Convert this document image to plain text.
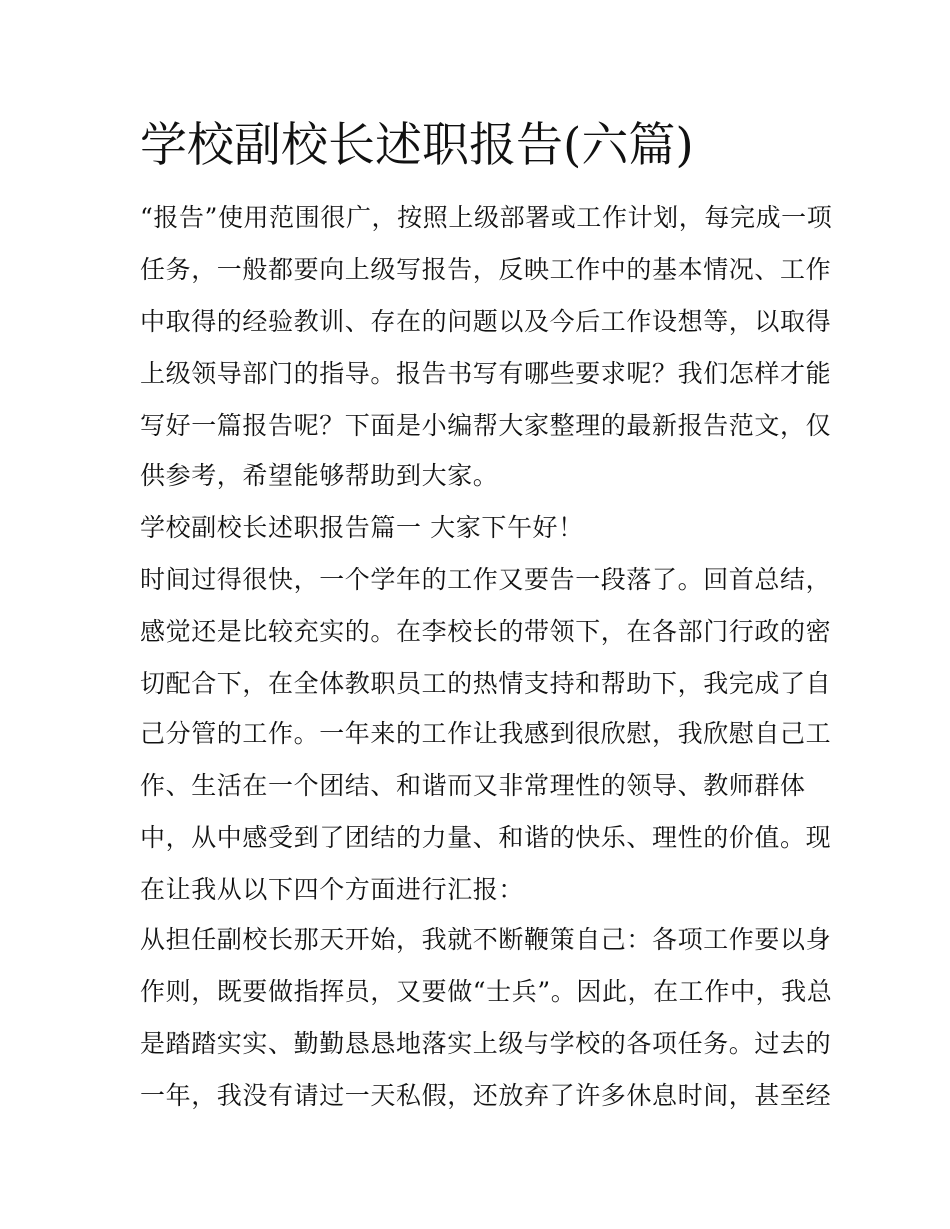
学校副校长述职报告(六篇)

“报告”使用范围很广，按照上级部署或工作计划，每完成一项

任务，一般都要向上级写报告，反映工作中的基本情况、工作

中取得的经验教训、存在的问题以及今后工作设想等，以取得

上级领导部门的指导。报告书写有哪些要求呢？我们怎样才能

写好一篇报告呢？下面是小编帮大家整理的最新报告范文，仅

供参考，希望能够帮助到大家。

学校副校长述职报告篇一 大家下午好！

时间过得很快，一个学年的工作又要告一段落了。回首总结，

感觉还是比较充实的。在李校长的带领下，在各部门行政的密

切配合下，在全体教职员工的热情支持和帮助下，我完成了自

己分管的工作。一年来的工作让我感到很欣慰，我欣慰自己工

作、生活在一个团结、和谐而又非常理性的领导、教师群体

中，从中感受到了团结的力量、和谐的快乐、理性的价值。现

在让我从以下四个方面进行汇报：

从担任副校长那天开始，我就不断鞭策自己：各项工作要以身

作则，既要做指挥员，又要做“士兵”。因此，在工作中，我总

是踏踏实实、勤勤恳恳地落实上级与学校的各项任务。过去的

一年，我没有请过一天私假，还放弃了许多休息时间，甚至经
